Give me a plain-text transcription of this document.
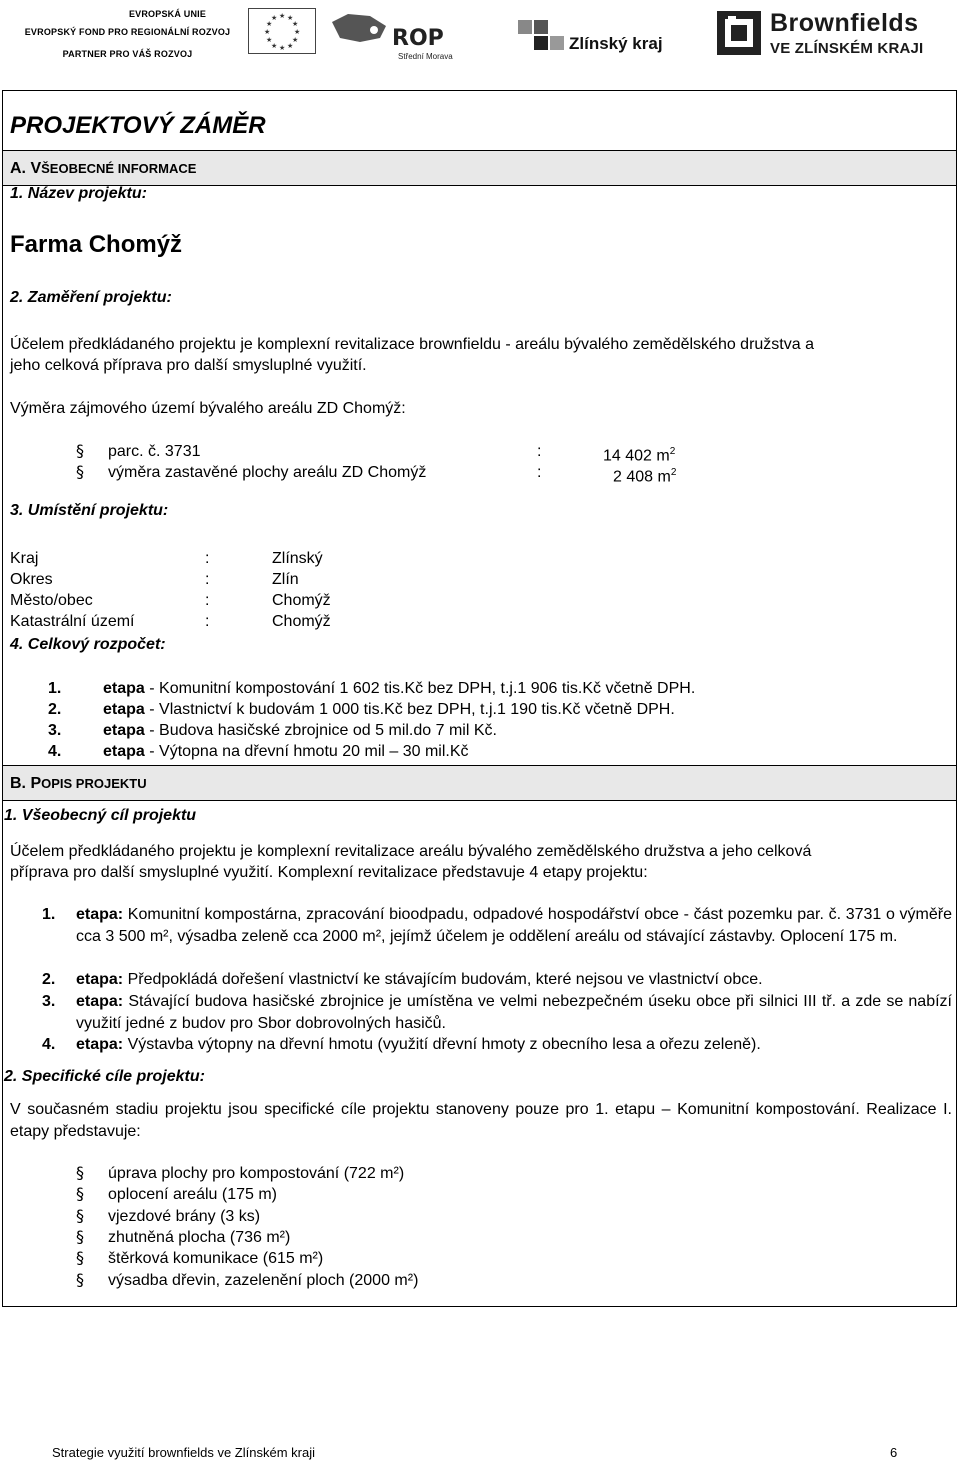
EVROPSKÁ UNIE
EVROPSKÝ FOND PRO REGIONÁLNÍ ROZVOJ
PARTNER PRO VÁŠ ROZVOJ
★ ★
★
★
★
★
★
★
★
★
★
★
ROP
Střední Morava
Zlínský kraj
Brownfields
VE ZLÍNSKÉM KRAJI
PROJEKTOVÝ ZÁMĚR
A. VŠEOBECNÉ INFORMACE
1. Název projektu:
Farma Chomýž
2. Zaměření projektu:
Účelem předkládaného projektu je komplexní revitalizace brownfieldu - areálu bývalého zemědělského družstva a
jeho celková příprava pro další smysluplné využití.
Výměra zájmového území bývalého areálu ZD Chomýž:
§ parc. č. 3731	:	14 402 $m^2$
§ výměra zastavěné plochy areálu ZD Chomýž	:	2 408 $m^2$
3. Umístění projektu:
Kraj	:	Zlínský
Okres	:	Zlín
Město/obec	:	Chomýž
Katastrální území	:	Chomýž
4. Celkový rozpočet:
1.	etapa - Komunitní kompostování 1 602 tis.Kč bez DPH, t.j.1 906 tis.Kč včetně DPH.
2.	etapa - Vlastnictví k budovám 1 000 tis.Kč bez DPH, t.j.1 190 tis.Kč včetně DPH.
3.	etapa - Budova hasičské zbrojnice od 5 mil.do 7 mil Kč.
4.	etapa - Výtopna na dřevní hmotu 20 mil – 30 mil.Kč
B. POPIS PROJEKTU
1. Všeobecný cíl projektu
Účelem předkládaného projektu je komplexní revitalizace areálu bývalého zemědělského družstva a jeho celková
příprava pro další smysluplné využití. Komplexní revitalizace představuje 4 etapy projektu:
1. etapa: Komunitní kompostárna, zpracování bioodpadu, odpadové hospodářství obce - část pozemku par. č. 3731 o výměře cca 3 500 m², výsadba zeleně cca 2000 m², jejímž účelem je oddělení areálu od stávající zástavby. Oplocení 175 m.
2. etapa: Předpokládá dořešení vlastnictví ke stávajícím budovám, které nejsou ve vlastnictví obce.
3. etapa: Stávající budova hasičské zbrojnice je umístěna ve velmi nebezpečném úseku obce při silnici III tř. a zde se nabízí využití jedné z budov pro Sbor dobrovolných hasičů.
4. etapa: Výstavba výtopny na dřevní hmotu (využití dřevní hmoty z obecního lesa a ořezu zeleně).
2. Specifické cíle projektu:
V současném stadiu projektu jsou specifické cíle projektu stanoveny pouze pro 1. etapu – Komunitní kompostování. Realizace I. etapy představuje:
§ úprava plochy pro kompostování (722 m²)
§ oplocení areálu (175 m)
§ vjezdové brány (3 ks)
§ zhutněná plocha (736 m²)
§ štěrková komunikace (615 m²)
§ výsadba dřevin, zazelenění ploch (2000 m²)
Strategie využití brownfields ve Zlínském kraji	6
